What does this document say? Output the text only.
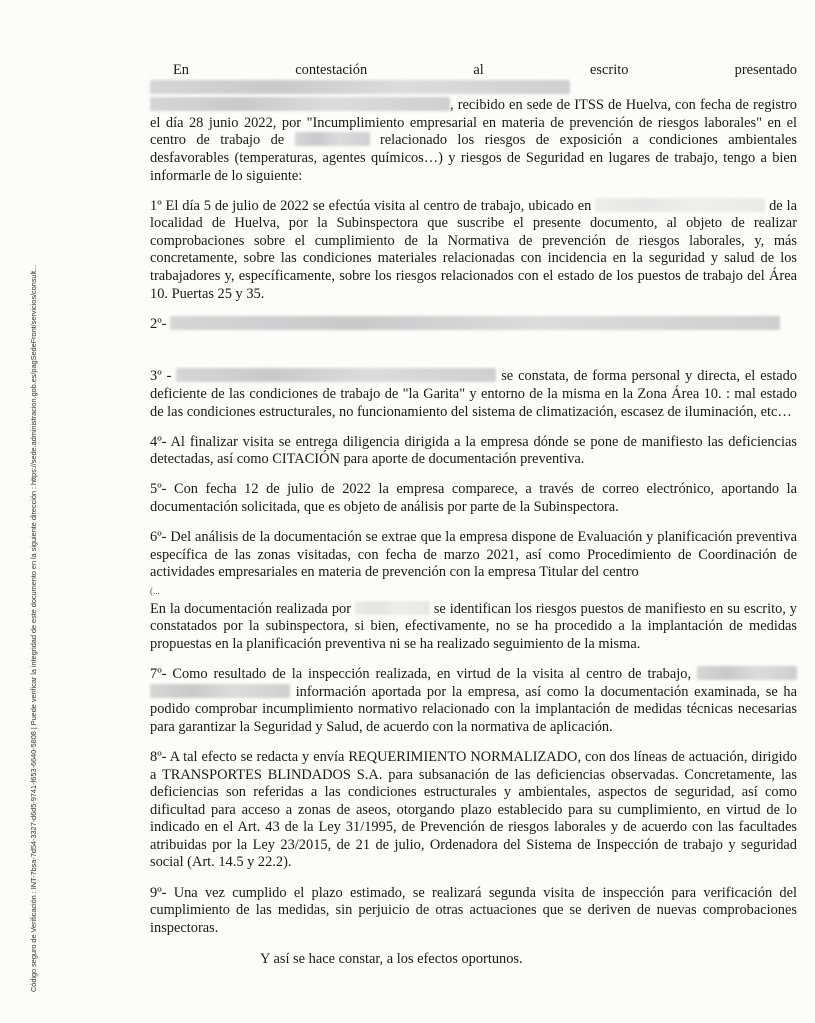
Código seguro de Verificación : INT-7bsa-7d54-3327-d6d5-9741-f653-6640-5808 | Puede verificar la integridad de este documento en la siguiente dirección : https://sede.administracion.gob.es/pagSedeFront/servicios/consult...

En contestación al escrito presentado  , recibido en sede de ITSS de Huelva, con fecha de registro el día 28 junio 2022, por "Incumplimiento empresarial en materia de prevención de riesgos laborales" en el centro de trabajo de	relacionado los riesgos de exposición a condiciones ambientales desfavorables (temperaturas, agentes químicos…) y riesgos de Seguridad en lugares de trabajo, tengo a bien informarle de lo siguiente:

1º El día 5 de julio de 2022 se efectúa visita al centro de trabajo, ubicado en	de la localidad de Huelva, por la Subinspectora que suscribe el presente documento, al objeto de realizar comprobaciones sobre el cumplimiento de la Normativa de prevención de riesgos laborales, y, más concretamente, sobre las condiciones materiales relacionadas con incidencia en la seguridad y salud de los trabajadores y, específicamente, sobre los riesgos relacionados con el estado de los puestos de trabajo del Área 10. Puertas 25 y 35.

2º-

3º -	se constata, de forma personal y directa, el estado deficiente de las condiciones de trabajo de "la Garita" y entorno de la misma en la Zona Área 10. : mal estado de las condiciones estructurales, no funcionamiento del sistema de climatización, escasez de iluminación, etc…

4º- Al finalizar visita se entrega diligencia dirigida a la empresa dónde se pone de manifiesto las deficiencias detectadas, así como CITACIÓN para aporte de documentación preventiva.

5º- Con fecha 12 de julio de 2022 la empresa comparece, a través de correo electrónico, aportando la documentación solicitada, que es objeto de análisis por parte de la Subinspectora.

6º- Del análisis de la documentación se extrae que la empresa dispone de Evaluación y planificación preventiva específica de las zonas visitadas, con fecha de marzo 2021, así como Procedimiento de Coordinación de actividades empresariales en materia de prevención con la empresa Titular del centro

(...

En la documentación realizada por	se identifican los riesgos puestos de manifiesto en su escrito, y constatados por la subinspectora, si bien, efectivamente, no se ha procedido a la implantación de medidas propuestas en la planificación preventiva ni se ha realizado seguimiento de la misma.

7º- Como resultado de la inspección realizada, en virtud de la visita al centro de trabajo,   información aportada por la empresa, así como la documentación examinada, se ha podido comprobar incumplimiento normativo relacionado con la implantación de medidas técnicas necesarias para garantizar la Seguridad y Salud, de acuerdo con la normativa de aplicación.

8º- A tal efecto se redacta y envía REQUERIMIENTO NORMALIZADO, con dos líneas de actuación, dirigido a TRANSPORTES BLINDADOS S.A. para subsanación de las deficiencias observadas. Concretamente, las deficiencias son referidas a las condiciones estructurales y ambientales, aspectos de seguridad, así como dificultad para acceso a zonas de aseos, otorgando plazo establecido para su cumplimiento, en virtud de lo indicado en el Art. 43 de la Ley 31/1995, de Prevención de riesgos laborales y de acuerdo con las facultades atribuidas por la Ley 23/2015, de 21 de julio, Ordenadora del Sistema de Inspección de trabajo y seguridad social (Art. 14.5 y 22.2).

9º- Una vez cumplido el plazo estimado, se realizará segunda visita de inspección para verificación del cumplimiento de las medidas, sin perjuicio de otras actuaciones que se deriven de nuevas comprobaciones inspectoras.

Y así se hace constar, a los efectos oportunos.
